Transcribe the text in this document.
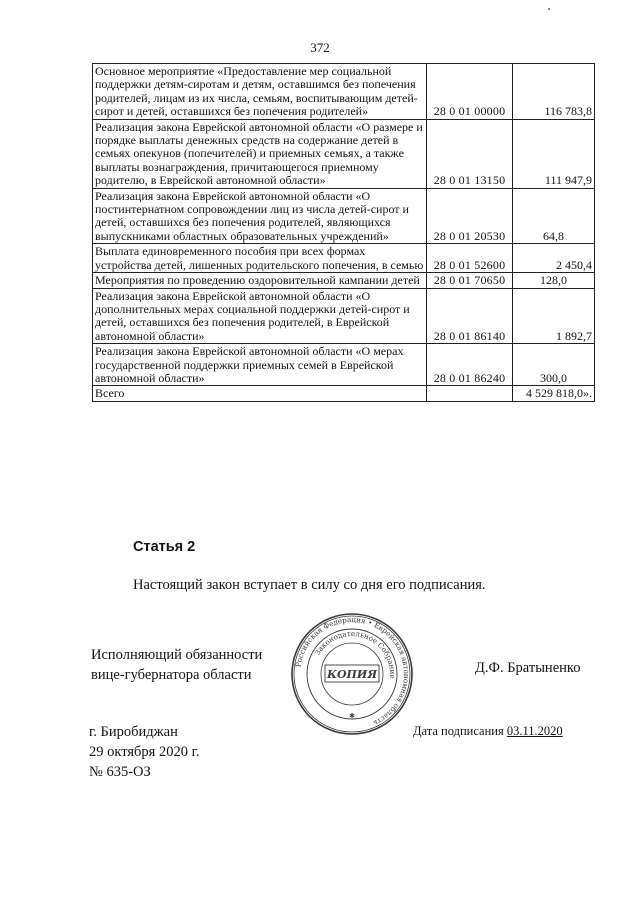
372
Основное мероприятие «Предоставление мер социальной поддержки детям-сиротам и детям, оставшимся без попечения родителей, лицам из их числа, семьям, воспитывающим детей-сирот и детей, оставшихся без попечения родителей»	28 0 01 00000	116 783,8
Реализация закона Еврейской автономной области «О размере и порядке выплаты денежных средств на содержание детей в семьях опекунов (попечителей) и приемных семьях, а также выплаты вознаграждения, причитающегося приемному родителю, в Еврейской автономной области»	28 0 01 13150	111 947,9
Реализация закона Еврейской автономной области «О постинтернатном сопровождении лиц из числа детей-сирот и детей, оставшихся без попечения родителей, являющихся выпускниками областных образовательных учреждений»	28 0 01 20530	64,8
Выплата единовременного пособия при всех формах устройства детей, лишенных родительского попечения, в семью	28 0 01 52600	2 450,4
Мероприятия по проведению оздоровительной кампании детей	28 0 01 70650	128,0
Реализация закона Еврейской автономной области «О дополнительных мерах социальной поддержки детей-сирот и детей, оставшихся без попечения родителей, в Еврейской автономной области»	28 0 01 86140	1 892,7
Реализация закона Еврейской автономной области «О мерах государственной поддержки приемных семей в Еврейской автономной области»	28 0 01 86240	300,0
Всего		4 529 818,0».
Статья 2
Настоящий закон вступает в силу со дня его подписания.
Исполняющий обязанности
вице-губернатора области	Д.Ф. Братыненко
Российская Федерация • Еврейская автономная область
Законодательное Собрание
КОПИЯ
✱
г. Биробиджан
29 октября 2020 г.
№ 635-ОЗ
Дата подписания 03.11.2020
